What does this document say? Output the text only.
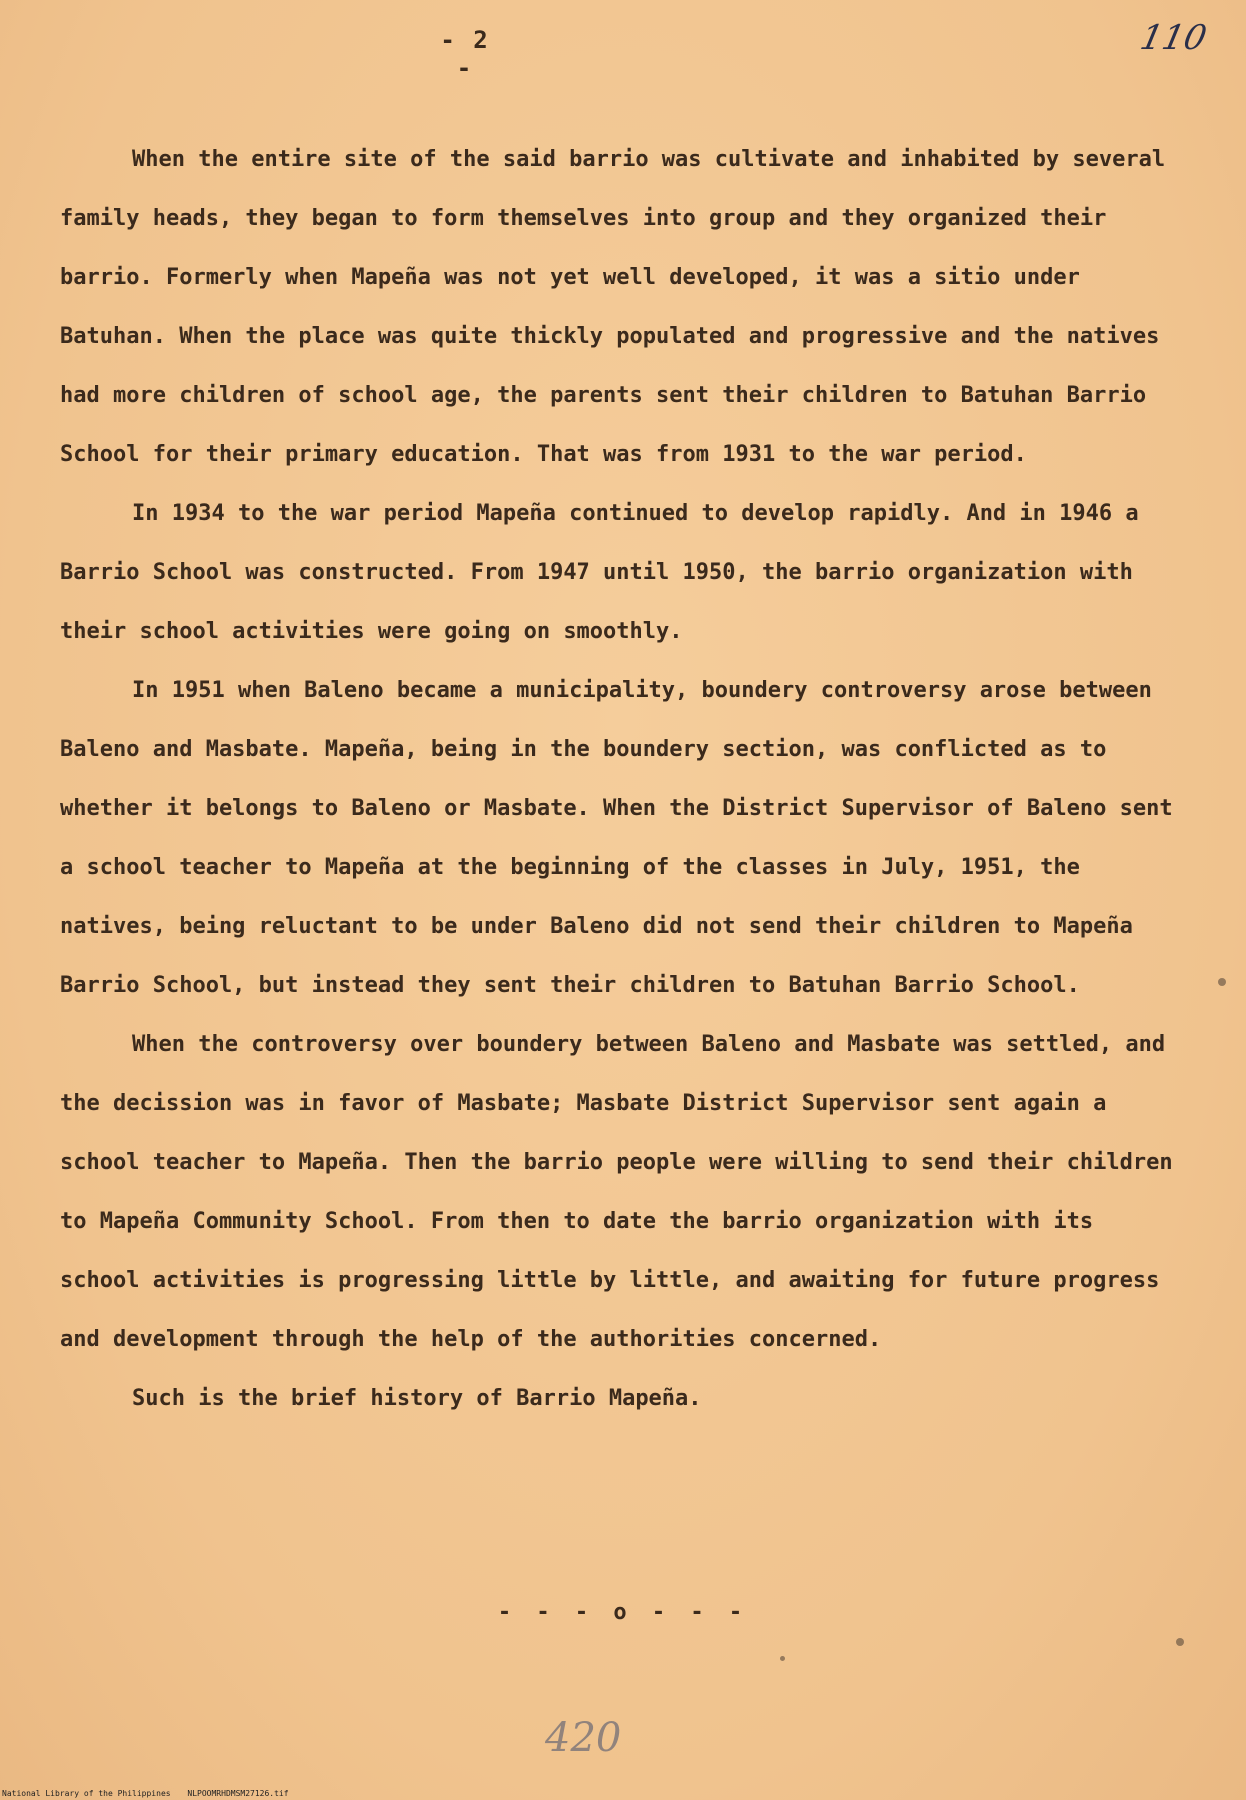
- 2 -
110

When the entire site of the said barrio was cultivate and inhabited by several family heads, they began to form themselves into group and they organized their barrio. Formerly when Mapeña was not yet well developed, it was a sitio under Batuhan. When the place was quite thickly populated and progressive and the natives had more children of school age, the parents sent their children to Batuhan Barrio School for their primary education. That was from 1931 to the war period.

In 1934 to the war period Mapeña continued to develop rapidly. And in 1946 a Barrio School was constructed. From 1947 until 1950, the barrio organization with their school activities were going on smoothly.

In 1951 when Baleno became a municipality, boundery controversy arose between Baleno and Masbate. Mapeña, being in the boundery section, was conflicted as to whether it belongs to Baleno or Masbate. When the District Supervisor of Baleno sent a school teacher to Mapeña at the beginning of the classes in July, 1951, the natives, being reluctant to be under Baleno did not send their children to Mapeña Barrio School, but instead they sent their children to Batuhan Barrio School.

When the controversy over boundery between Baleno and Masbate was settled, and the decission was in favor of Masbate; Masbate District Supervisor sent again a school teacher to Mapeña. Then the barrio people were willing to send their children to Mapeña Community School. From then to date the barrio organization with its school activities is progressing little by little, and awaiting for future progress and development through the help of the authorities concerned.

Such is the brief history of Barrio Mapeña.

- - - o - - -
420
National Library of the Philippines NLPOOMRHDMSM27126.tif
